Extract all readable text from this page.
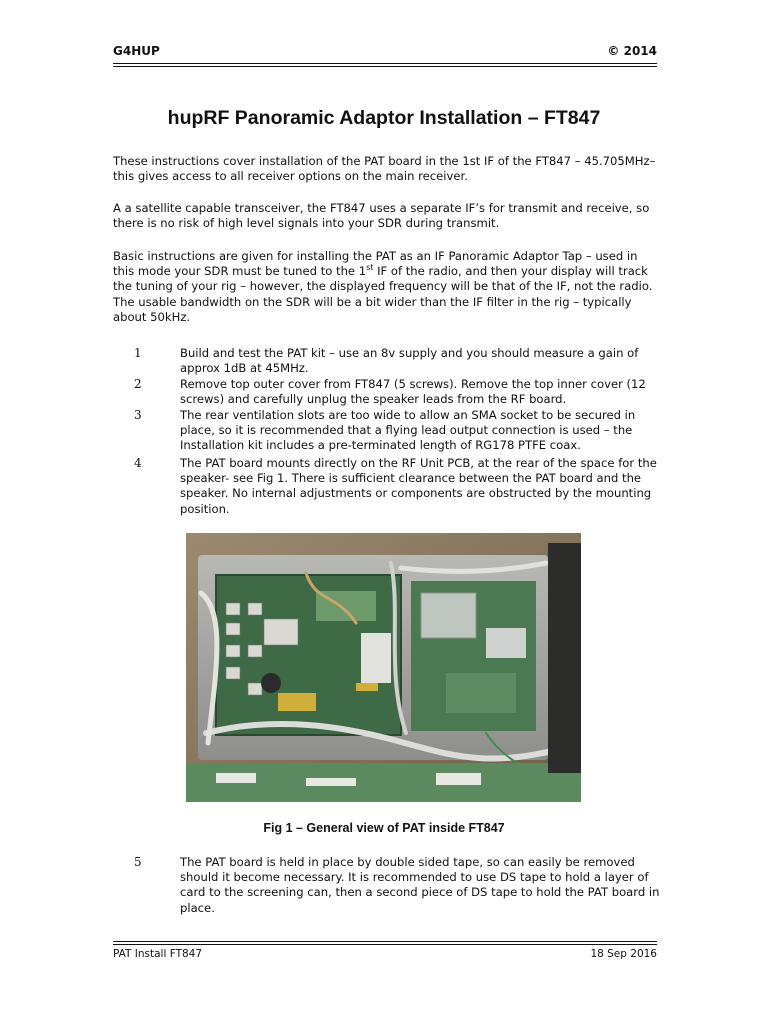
G4HUP	© 2014
hupRF Panoramic Adaptor Installation – FT847

These instructions cover installation of the PAT board in the 1st IF of the FT847 – 45.705MHz– this gives access to all receiver options on the main receiver.

A a satellite capable transceiver, the FT847 uses a separate IF’s for transmit and receive, so there is no risk of high level signals into your SDR during transmit.

Basic instructions are given for installing the PAT as an IF Panoramic Adaptor Tap – used in this mode your SDR must be tuned to the 1st IF of the radio, and then your display will track the tuning of your rig – however, the displayed frequency will be that of the IF, not the radio. The usable bandwidth on the SDR will be a bit wider than the IF filter in the rig – typically about 50kHz.

1	Build and test the PAT kit – use an 8v supply and you should measure a gain of approx 1dB at 45MHz.

2	Remove top outer cover from FT847 (5 screws). Remove the top inner cover (12 screws) and carefully unplug the speaker leads from the RF board.

3	The rear ventilation slots are too wide to allow an SMA socket to be secured in place, so it is recommended that a flying lead output connection is used – the Installation kit includes a pre-terminated length of RG178 PTFE coax.

4	The PAT board mounts directly on the RF Unit PCB, at the rear of the space for the speaker- see Fig 1. There is sufficient clearance between the PAT board and the speaker. No internal adjustments or components are obstructed by the mounting position.

Fig 1 – General view of PAT inside FT847
5	The PAT board is held in place by double sided tape, so can easily be removed should it become necessary. It is recommended to use DS tape to hold a layer of card to the screening can, then a second piece of DS tape to hold the PAT board in place.

PAT Install FT847	18 Sep 2016
